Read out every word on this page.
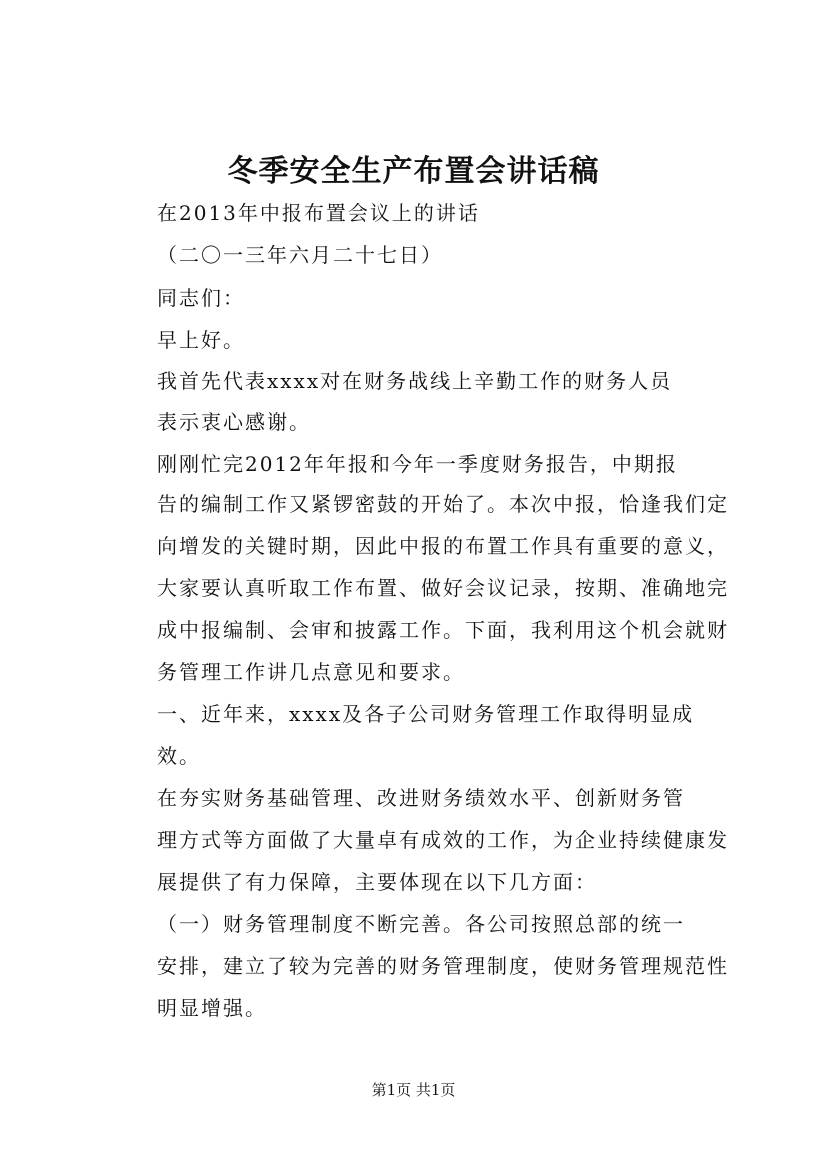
冬季安全生产布置会讲话稿

在2013年中报布置会议上的讲话

（二〇一三年六月二十七日）

同志们：

早上好。

我首先代表xxxx对在财务战线上辛勤工作的财务人员

表示衷心感谢。

刚刚忙完2012年年报和今年一季度财务报告，中期报

告的编制工作又紧锣密鼓的开始了。本次中报，恰逢我们定

向增发的关键时期，因此中报的布置工作具有重要的意义，

大家要认真听取工作布置、做好会议记录，按期、准确地完

成中报编制、会审和披露工作。下面，我利用这个机会就财

务管理工作讲几点意见和要求。

一、近年来，xxxx及各子公司财务管理工作取得明显成

效。

在夯实财务基础管理、改进财务绩效水平、创新财务管

理方式等方面做了大量卓有成效的工作，为企业持续健康发

展提供了有力保障，主要体现在以下几方面：

（一）财务管理制度不断完善。各公司按照总部的统一

安排，建立了较为完善的财务管理制度，使财务管理规范性

明显增强。

第1页 共1页
